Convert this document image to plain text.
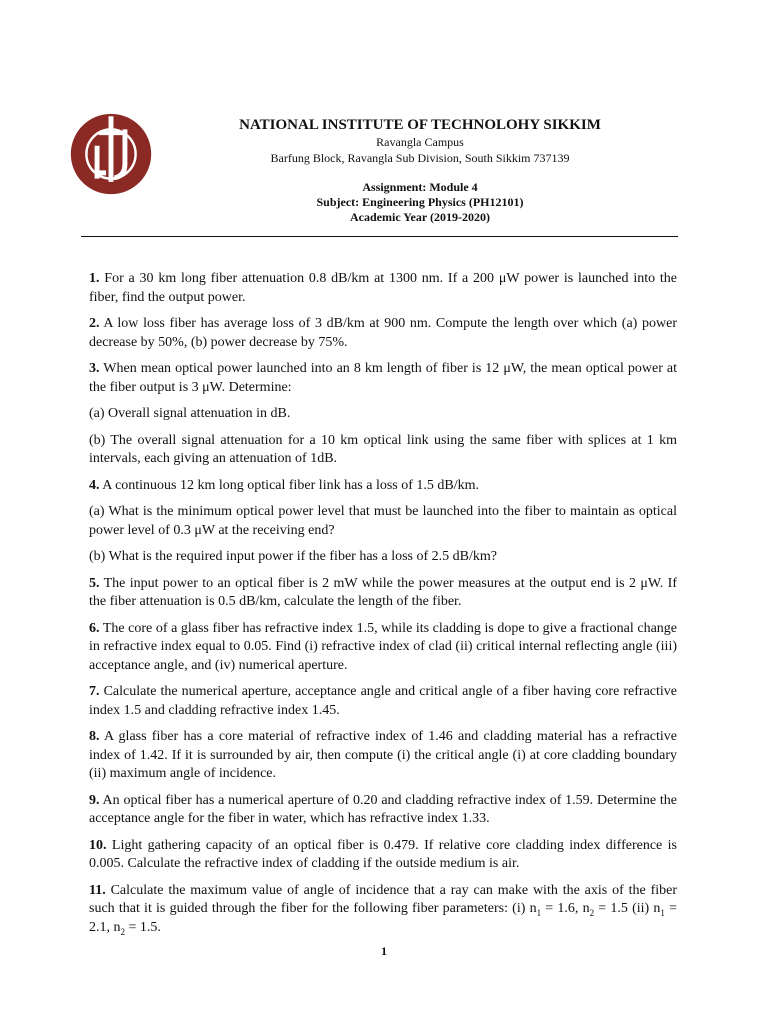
NATIONAL INSTITUTE OF TECHNOLOHY SIKKIM
Ravangla Campus
Barfung Block, Ravangla Sub Division, South Sikkim 737139
Assignment: Module 4
Subject: Engineering Physics (PH12101)
Academic Year (2019-2020)

1. For a 30 km long fiber attenuation 0.8 dB/km at 1300 nm. If a 200 μW power is launched into the fiber, find the output power.

2. A low loss fiber has average loss of 3 dB/km at 900 nm. Compute the length over which (a) power decrease by 50%, (b) power decrease by 75%.

3. When mean optical power launched into an 8 km length of fiber is 12 μW, the mean optical power at the fiber output is 3 μW. Determine:

(a) Overall signal attenuation in dB.

(b) The overall signal attenuation for a 10 km optical link using the same fiber with splices at 1 km intervals, each giving an attenuation of 1dB.

4. A continuous 12 km long optical fiber link has a loss of 1.5 dB/km.

(a) What is the minimum optical power level that must be launched into the fiber to maintain as optical power level of 0.3 μW at the receiving end?

(b) What is the required input power if the fiber has a loss of 2.5 dB/km?

5. The input power to an optical fiber is 2 mW while the power measures at the output end is 2 μW. If the fiber attenuation is 0.5 dB/km, calculate the length of the fiber.

6. The core of a glass fiber has refractive index 1.5, while its cladding is dope to give a fractional change in refractive index equal to 0.05. Find (i) refractive index of clad (ii) critical internal reflecting angle (iii) acceptance angle, and (iv) numerical aperture.

7. Calculate the numerical aperture, acceptance angle and critical angle of a fiber having core refractive index 1.5 and cladding refractive index 1.45.

8. A glass fiber has a core material of refractive index of 1.46 and cladding material has a refractive index of 1.42. If it is surrounded by air, then compute (i) the critical angle (i) at core cladding boundary (ii) maximum angle of incidence.

9. An optical fiber has a numerical aperture of 0.20 and cladding refractive index of 1.59. Determine the acceptance angle for the fiber in water, which has refractive index 1.33.

10. Light gathering capacity of an optical fiber is 0.479. If relative core cladding index difference is 0.005. Calculate the refractive index of cladding if the outside medium is air.

11. Calculate the maximum value of angle of incidence that a ray can make with the axis of the fiber such that it is guided through the fiber for the following fiber parameters: (i) $n_1 = 1.6$, $n_2 = 1.5$ (ii) $n_1 = 2.1$, $n_2 = 1.5$.

1
